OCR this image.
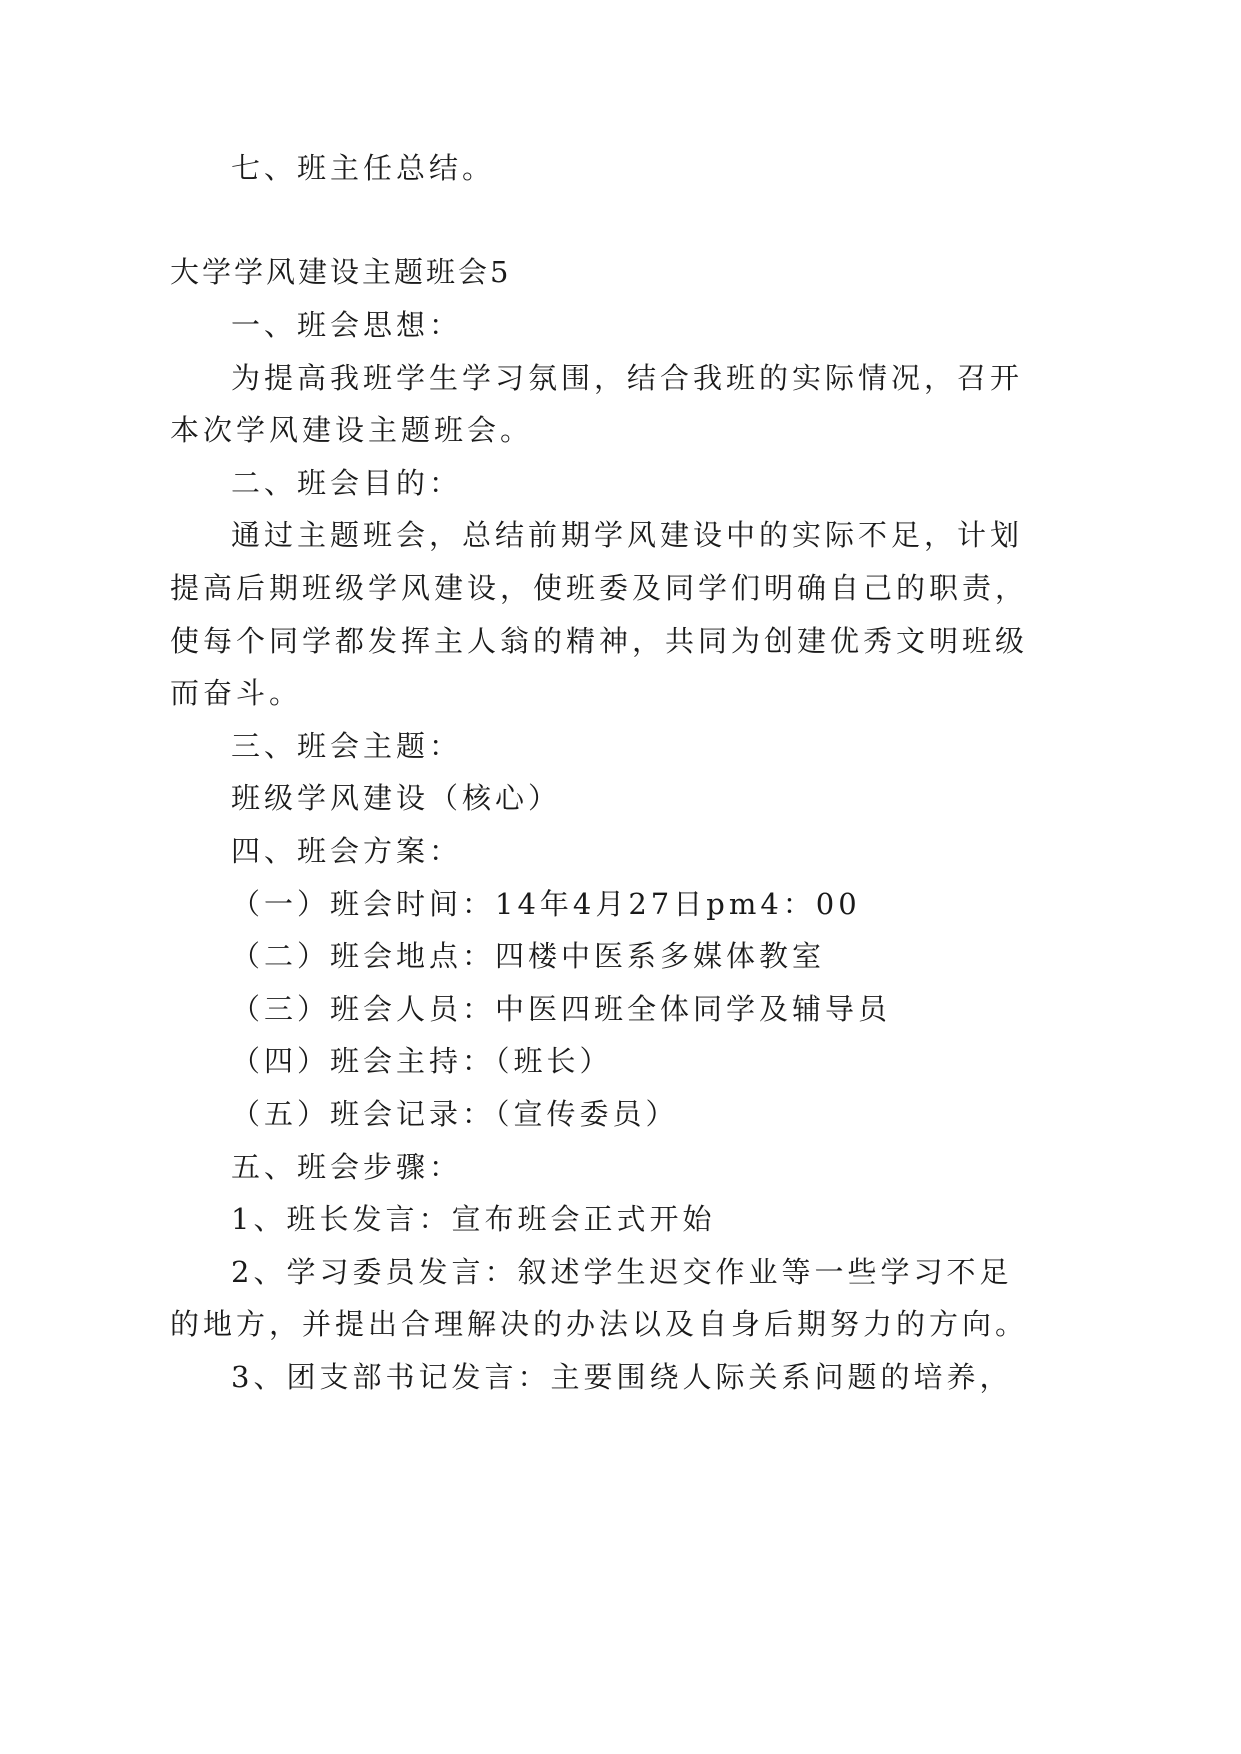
七、班主任总结。
大学学风建设主题班会5
一、班会思想：
为提高我班学生学习氛围，结合我班的实际情况，召开
本次学风建设主题班会。
二、班会目的：
通过主题班会，总结前期学风建设中的实际不足，计划
提高后期班级学风建设，使班委及同学们明确自己的职责，
使每个同学都发挥主人翁的精神，共同为创建优秀文明班级
而奋斗。
三、班会主题：
班级学风建设（核心）
四、班会方案：
（一）班会时间：14年4月27日pm4：00
（二）班会地点：四楼中医系多媒体教室
（三）班会人员：中医四班全体同学及辅导员
（四）班会主持：（班长）
（五）班会记录：（宣传委员）
五、班会步骤：
1、班长发言：宣布班会正式开始
2、学习委员发言：叙述学生迟交作业等一些学习不足
的地方，并提出合理解决的办法以及自身后期努力的方向。
3、团支部书记发言：主要围绕人际关系问题的培养，
